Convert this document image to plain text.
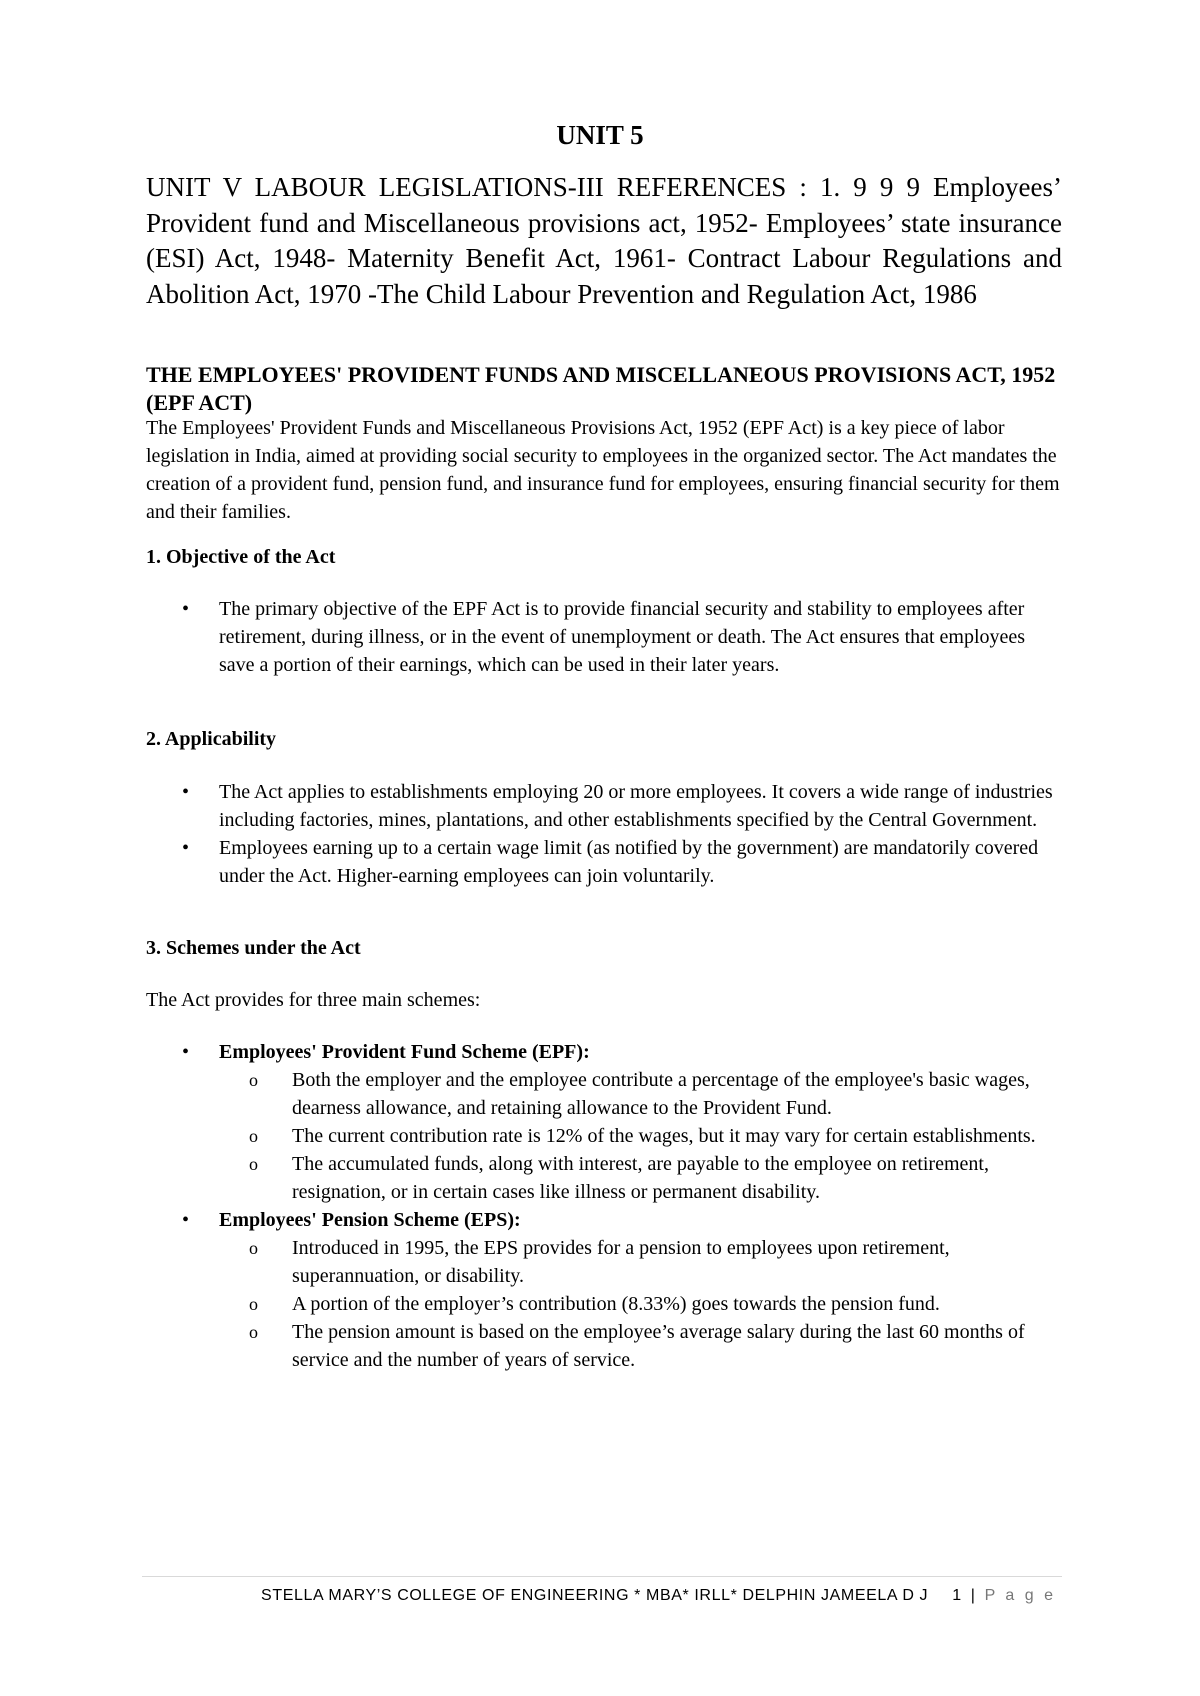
UNIT 5
UNIT V LABOUR LEGISLATIONS-III REFERENCES : 1. 9 9 9 Employees’ Provident fund and Miscellaneous provisions act, 1952- Employees’ state insurance (ESI) Act, 1948- Maternity Benefit Act, 1961- Contract Labour Regulations and Abolition Act, 1970 -The Child Labour Prevention and Regulation Act, 1986
THE EMPLOYEES' PROVIDENT FUNDS AND MISCELLANEOUS PROVISIONS ACT, 1952 (EPF ACT)
The Employees' Provident Funds and Miscellaneous Provisions Act, 1952 (EPF Act) is a key piece of labor legislation in India, aimed at providing social security to employees in the organized sector. The Act mandates the creation of a provident fund, pension fund, and insurance fund for employees, ensuring financial security for them and their families.
1. Objective of the Act
• The primary objective of the EPF Act is to provide financial security and stability to employees after retirement, during illness, or in the event of unemployment or death. The Act ensures that employees save a portion of their earnings, which can be used in their later years.
2. Applicability
• The Act applies to establishments employing 20 or more employees. It covers a wide range of industries including factories, mines, plantations, and other establishments specified by the Central Government.
• Employees earning up to a certain wage limit (as notified by the government) are mandatorily covered under the Act. Higher-earning employees can join voluntarily.
3. Schemes under the Act
The Act provides for three main schemes:
• Employees' Provident Fund Scheme (EPF):
o Both the employer and the employee contribute a percentage of the employee's basic wages, dearness allowance, and retaining allowance to the Provident Fund.
o The current contribution rate is 12% of the wages, but it may vary for certain establishments.
o The accumulated funds, along with interest, are payable to the employee on retirement, resignation, or in certain cases like illness or permanent disability.
• Employees' Pension Scheme (EPS):
o Introduced in 1995, the EPS provides for a pension to employees upon retirement, superannuation, or disability.
o A portion of the employer’s contribution (8.33%) goes towards the pension fund.
o The pension amount is based on the employee’s average salary during the last 60 months of service and the number of years of service.
STELLA MARY’S COLLEGE OF ENGINEERING * MBA* IRLL* DELPHIN JAMEELA D J 1 | P a g e
